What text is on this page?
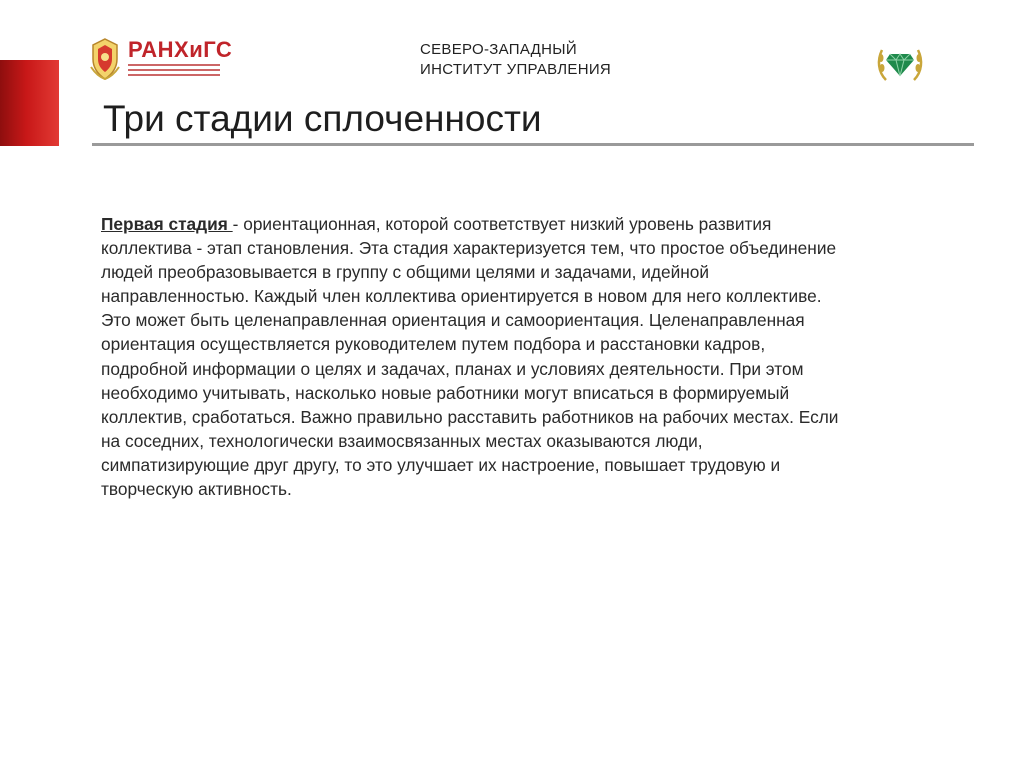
РАНХиГС	СЕВЕРО-ЗАПАДНЫЙ
ИНСТИТУТ УПРАВЛЕНИЯ
Три стадии сплоченности
Первая стадия - ориентационная, которой соответствует низкий уровень развития
коллектива - этап становления. Эта стадия характеризуется тем, что простое объединение
людей преобразовывается в группу с общими целями и задачами, идейной
направленностью. Каждый член коллектива ориентируется в новом для него коллективе.
Это может быть целенаправленная ориентация и самоориентация. Целенаправленная
ориентация осуществляется руководителем путем подбора и расстановки кадров,
подробной информации о целях и задачах, планах и условиях деятельности. При этом
необходимо учитывать, насколько новые работники могут вписаться в формируемый
коллектив, сработаться. Важно правильно расставить работников на рабочих местах. Если
на соседних, технологически взаимосвязанных местах оказываются люди,
симпатизирующие друг другу, то это улучшает их настроение, повышает трудовую и
творческую активность.
